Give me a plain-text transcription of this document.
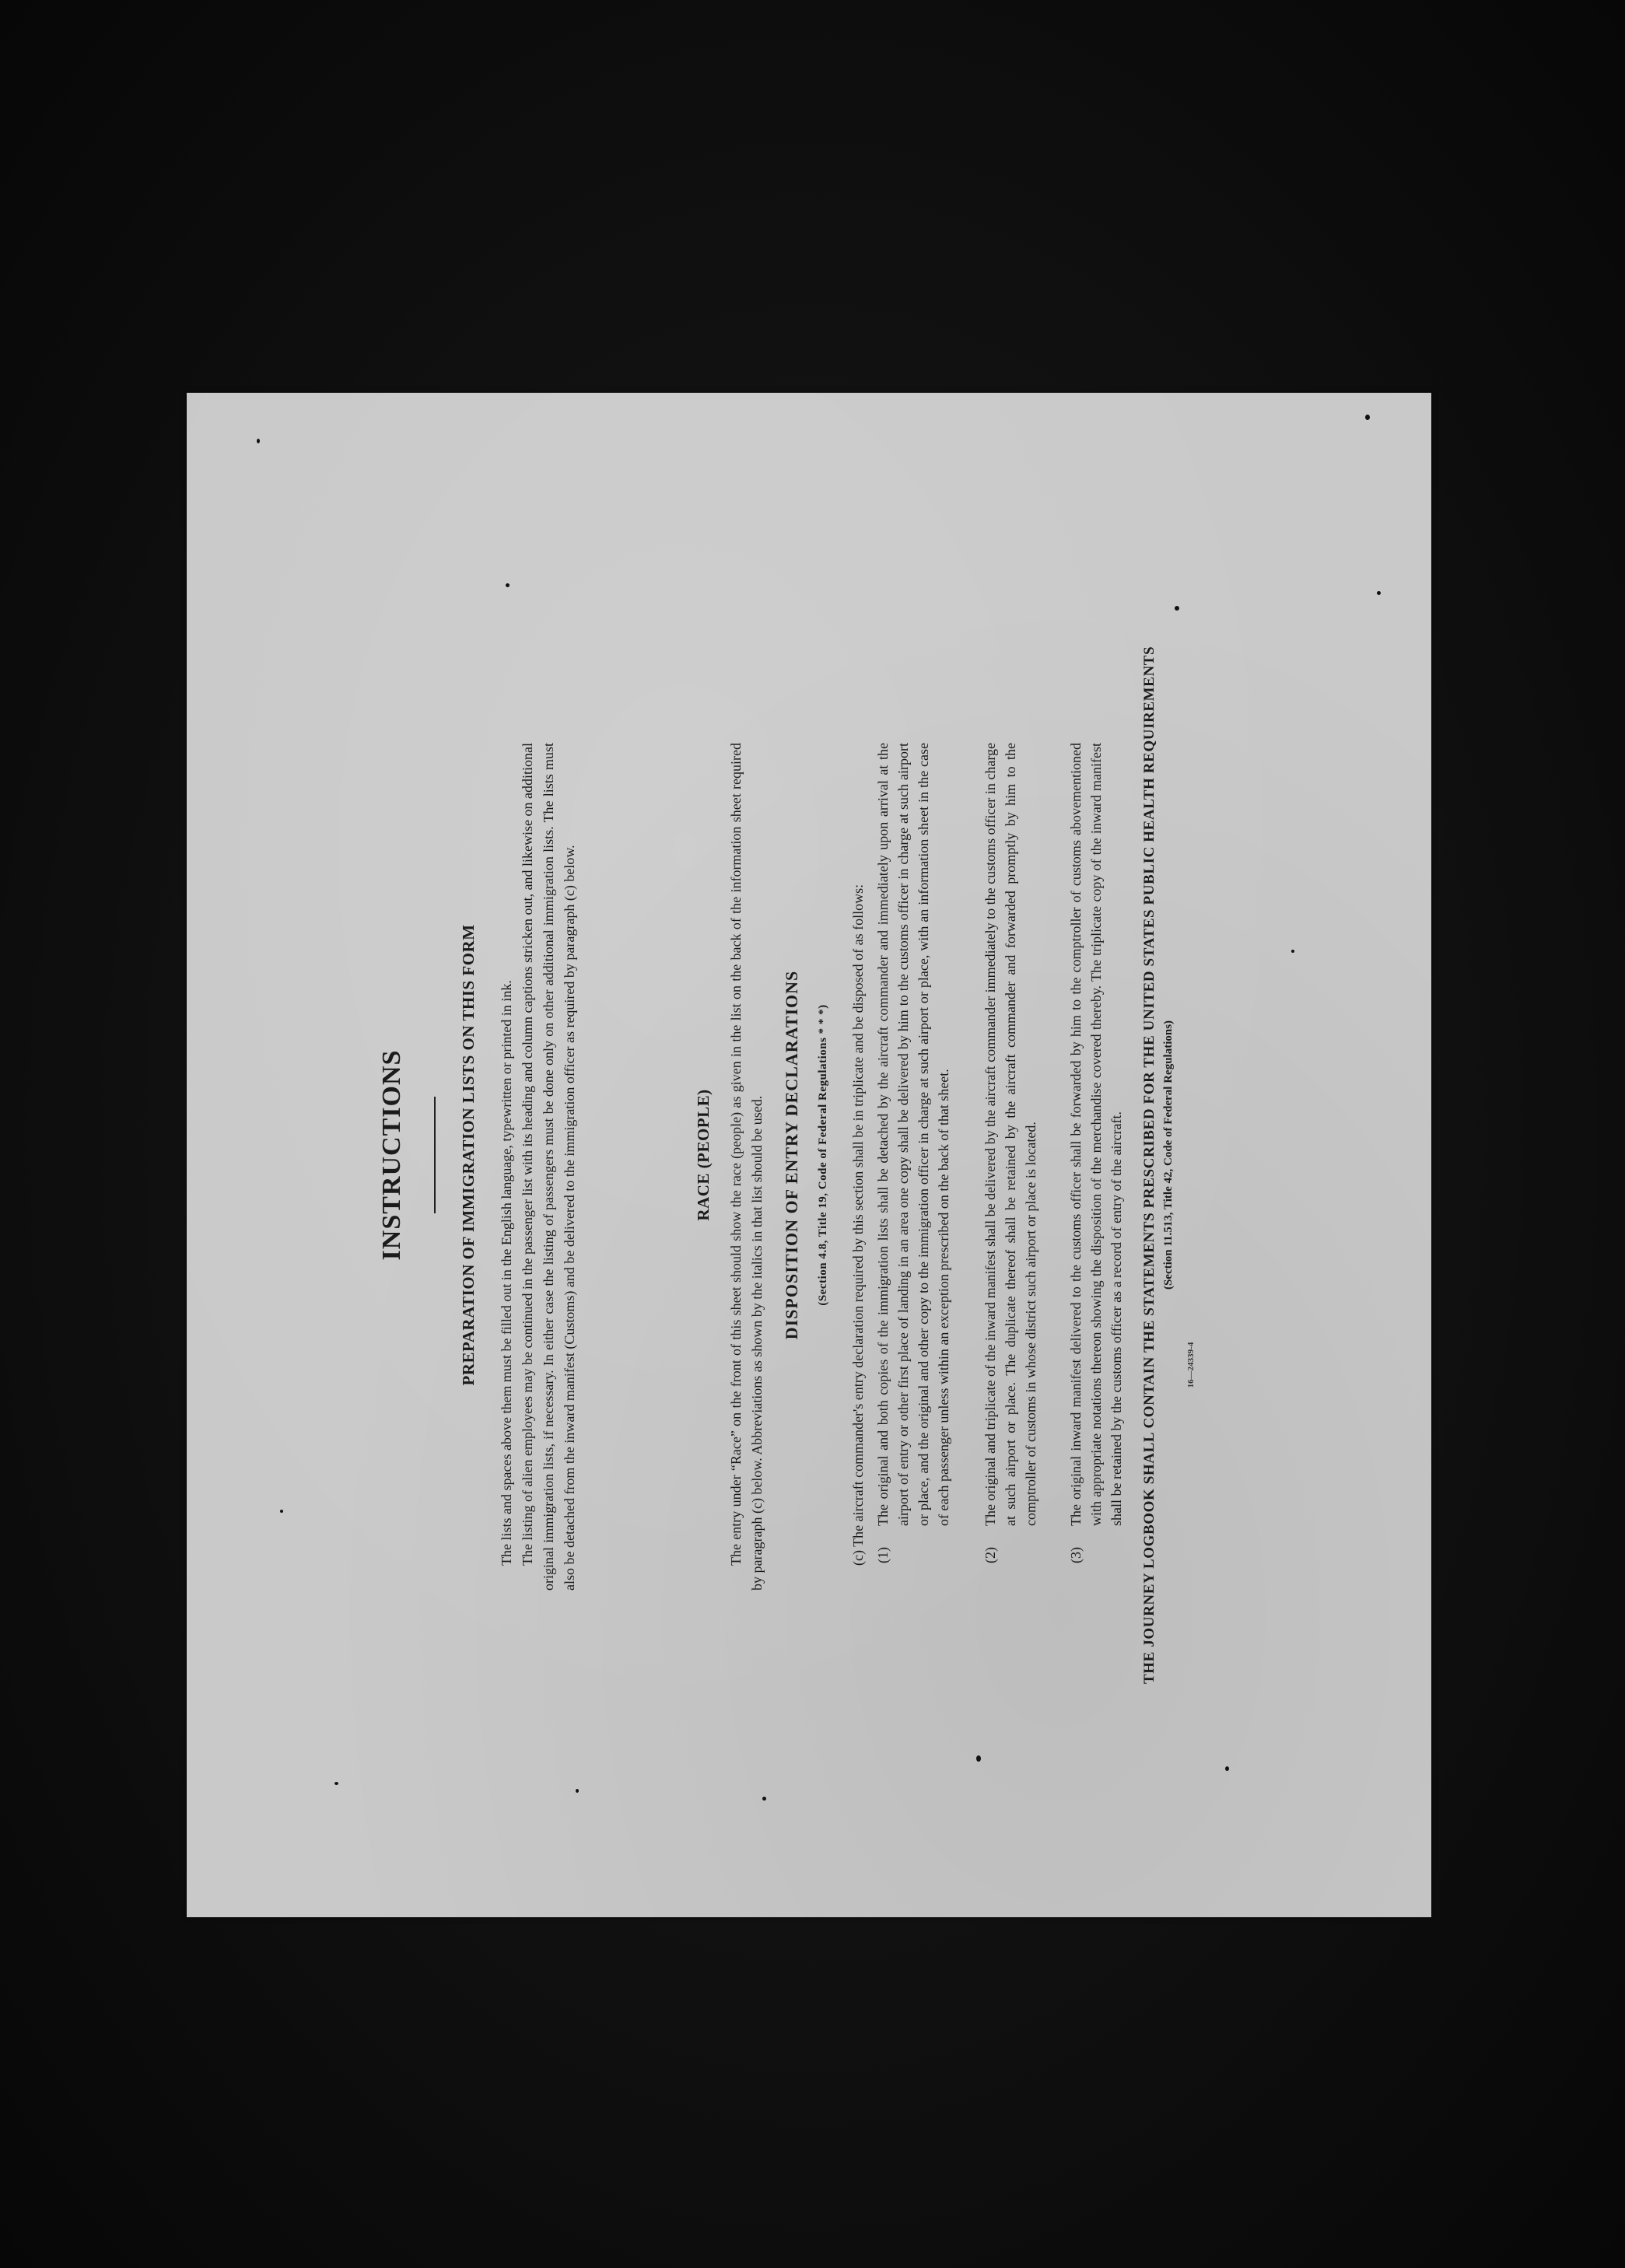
INSTRUCTIONS	PREPARATION OF IMMIGRATION LISTS ON THIS FORM The lists and spaces above them must be filled out in the English language, typewritten or printed in ink. The listing of alien employees may be continued in the passenger list with its heading and column captions stricken out, and likewise on additional original immigration lists, if necessary. In either case the listing of passengers must be done only on other additional immigration lists. The lists must also be detached from the inward manifest (Customs) and be delivered to the immigration officer as required by paragraph (c) below.	RACE (PEOPLE) The entry under “Race” on the front of this sheet should show the race (people) as given in the list on the back of the information sheet required by paragraph (c) below. Abbreviations as shown by the italics in that list should be used. DISPOSITION OF ENTRY DECLARATIONS (Section 4.8, Title 19, Code of Federal Regulations * * *) (c) The aircraft commander's entry declaration required by this section shall be in triplicate and be disposed of as follows: (1)
The original and both copies of the immigration lists shall be detached by the aircraft commander and immediately upon arrival at the airport of entry or other first place of landing in an area one copy shall be delivered by him to the customs officer in charge at such airport or place, and the original and other copy to the immigration officer in charge at such airport or place, with an information sheet in the case of each passenger unless within an exception prescribed on the back of that sheet.
(2)
The original and triplicate of the inward manifest shall be delivered by the aircraft commander immediately to the customs officer in charge at such airport or place. The duplicate thereof shall be retained by the aircraft commander and forwarded promptly by him to the comptroller of customs in whose district such airport or place is located.
(3)
The original inward manifest delivered to the customs officer shall be forwarded by him to the comptroller of customs abovementioned with appropriate notations thereon showing the disposition of the merchandise covered thereby. The triplicate copy of the inward manifest shall be retained by the customs officer as a record of entry of the aircraft. THE JOURNEY LOGBOOK SHALL CONTAIN THE STATEMENTS PRESCRIBED FOR THE UNITED STATES PUBLIC HEALTH REQUIREMENTS (Section 11.513, Title 42, Code of Federal Regulations)
16—24339-4
